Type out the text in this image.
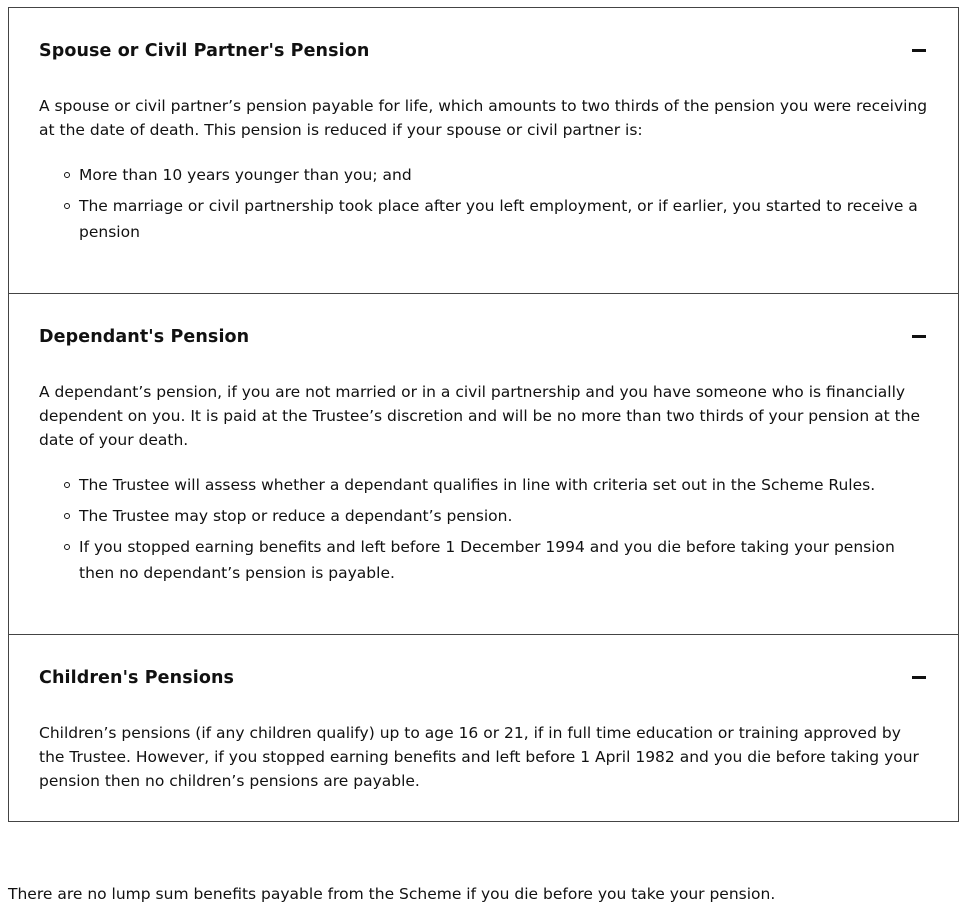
Spouse or Civil Partner's Pension

A spouse or civil partner’s pension payable for life, which amounts to two thirds of the pension you were receiving at the date of death. This pension is reduced if your spouse or civil partner is:

More than 10 years younger than you; and
The marriage or civil partnership took place after you left employment, or if earlier, you started to receive a pension
Dependant's Pension

A dependant’s pension, if you are not married or in a civil partnership and you have someone who is financially dependent on you. It is paid at the Trustee’s discretion and will be no more than two thirds of your pension at the date of your death.

The Trustee will assess whether a dependant qualifies in line with criteria set out in the Scheme Rules.
The Trustee may stop or reduce a dependant’s pension.
If you stopped earning benefits and left before 1 December 1994 and you die before taking your pension then no dependant’s pension is payable.
Children's Pensions

Children’s pensions (if any children qualify) up to age 16 or 21, if in full time education or training approved by the Trustee. However, if you stopped earning benefits and left before 1 April 1982 and you die before taking your pension then no children’s pensions are payable.

There are no lump sum benefits payable from the Scheme if you die before you take your pension.
